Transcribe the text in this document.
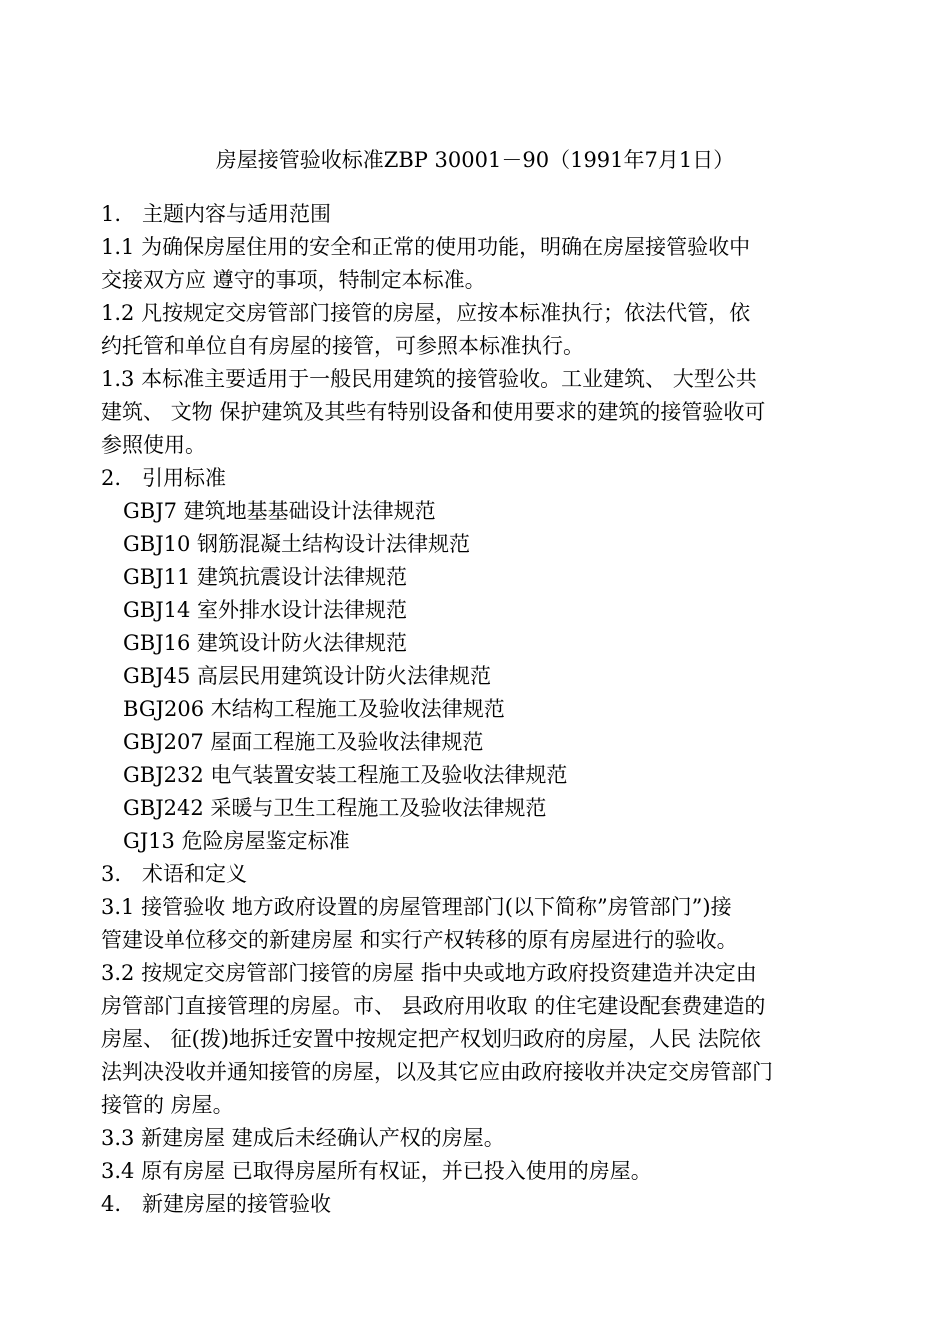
房屋接管验收标准ZBP 30001－90（1991年7月1日）
1.　主题内容与适用范围
1.1 为确保房屋住用的安全和正常的使用功能，明确在房屋接管验收中
交接双方应 遵守的事项，特制定本标准。
1.2 凡按规定交房管部门接管的房屋，应按本标准执行；依法代管，依
约托管和单位自有房屋的接管，可参照本标准执行。
1.3 本标准主要适用于一般民用建筑的接管验收。工业建筑、 大型公共
建筑、 文物 保护建筑及其些有特别设备和使用要求的建筑的接管验收可
参照使用。
2.　引用标准
GBJ7 建筑地基基础设计法律规范
GBJ10 钢筋混凝土结构设计法律规范
GBJ11 建筑抗震设计法律规范
GBJ14 室外排水设计法律规范
GBJ16 建筑设计防火法律规范
GBJ45 高层民用建筑设计防火法律规范
BGJ206 木结构工程施工及验收法律规范
GBJ207 屋面工程施工及验收法律规范
GBJ232 电气装置安装工程施工及验收法律规范
GBJ242 采暖与卫生工程施工及验收法律规范
GJ13 危险房屋鉴定标准
3.　术语和定义
3.1 接管验收 地方政府设置的房屋管理部门(以下简称”房管部门”)接
管建设单位移交的新建房屋 和实行产权转移的原有房屋进行的验收。
3.2 按规定交房管部门接管的房屋 指中央或地方政府投资建造并决定由
房管部门直接管理的房屋。市、 县政府用收取 的住宅建设配套费建造的
房屋、 征(拨)地拆迁安置中按规定把产权划归政府的房屋，人民 法院依
法判决没收并通知接管的房屋，以及其它应由政府接收并决定交房管部门
接管的 房屋。
3.3 新建房屋 建成后未经确认产权的房屋。
3.4 原有房屋 已取得房屋所有权证，并已投入使用的房屋。
4.　新建房屋的接管验收
